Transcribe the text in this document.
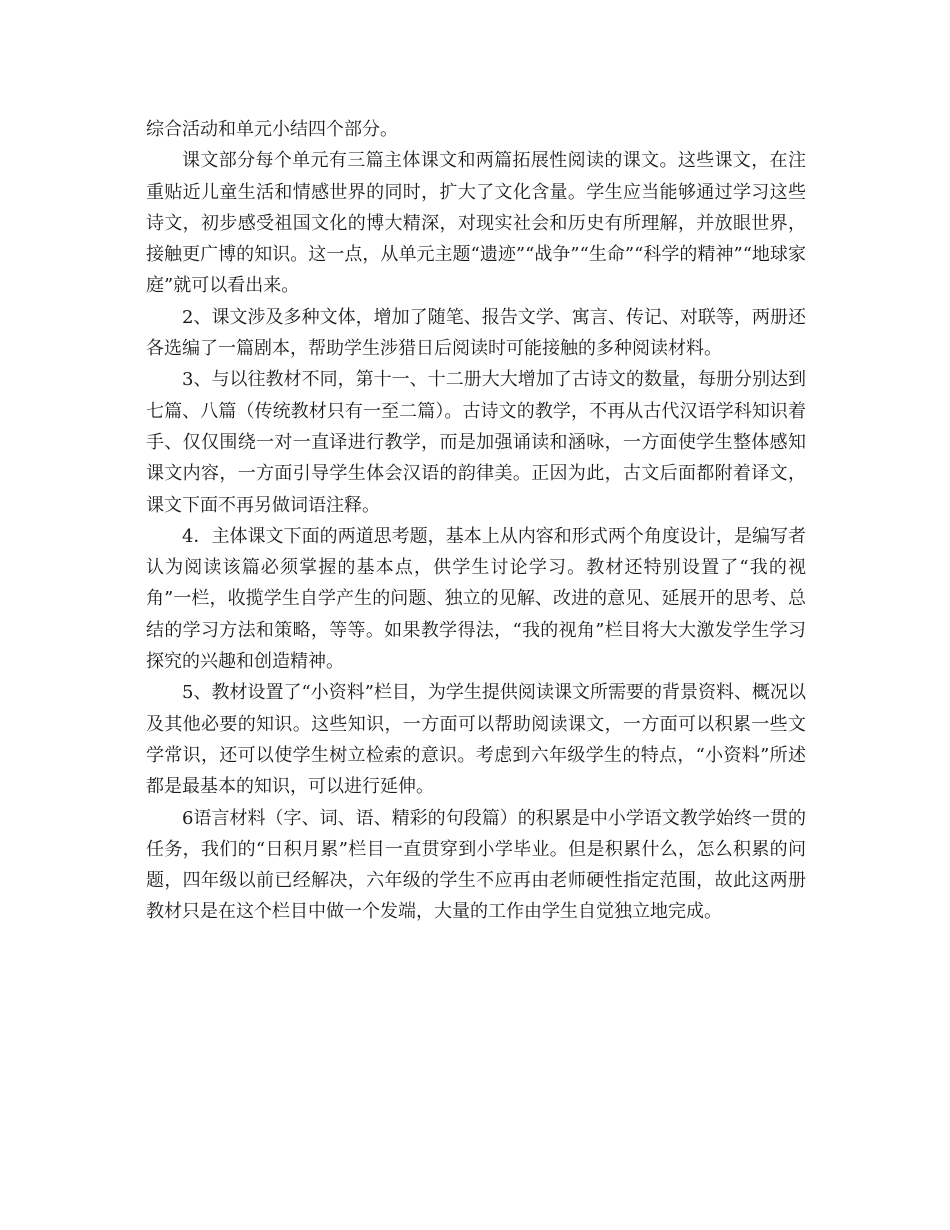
综合活动和单元小结四个部分。

课文部分每个单元有三篇主体课文和两篇拓展性阅读的课文。这些课文，在注重贴近儿童生活和情感世界的同时，扩大了文化含量。学生应当能够通过学习这些诗文，初步感受祖国文化的博大精深，对现实社会和历史有所理解，并放眼世界，接触更广博的知识。这一点，从单元主题“遗迹”“战争”“生命”“科学的精神”“地球家庭”就可以看出来。

2、课文涉及多种文体，增加了随笔、报告文学、寓言、传记、对联等，两册还各选编了一篇剧本，帮助学生涉猎日后阅读时可能接触的多种阅读材料。

3、与以往教材不同，第十一、十二册大大增加了古诗文的数量，每册分别达到七篇、八篇（传统教材只有一至二篇）。古诗文的教学，不再从古代汉语学科知识着手、仅仅围绕一对一直译进行教学，而是加强诵读和涵咏，一方面使学生整体感知课文内容，一方面引导学生体会汉语的韵律美。正因为此，古文后面都附着译文，课文下面不再另做词语注释。

4．主体课文下面的两道思考题，基本上从内容和形式两个角度设计，是编写者认为阅读该篇必须掌握的基本点，供学生讨论学习。教材还特别设置了“我的视角”一栏，收揽学生自学产生的问题、独立的见解、改进的意见、延展开的思考、总结的学习方法和策略，等等。如果教学得法，“我的视角”栏目将大大激发学生学习探究的兴趣和创造精神。

5、教材设置了“小资料”栏目，为学生提供阅读课文所需要的背景资料、概况以及其他必要的知识。这些知识，一方面可以帮助阅读课文，一方面可以积累一些文学常识，还可以使学生树立检索的意识。考虑到六年级学生的特点，“小资料”所述都是最基本的知识，可以进行延伸。

6语言材料（字、词、语、精彩的句段篇）的积累是中小学语文教学始终一贯的任务，我们的“日积月累”栏目一直贯穿到小学毕业。但是积累什么，怎么积累的问题，四年级以前已经解决，六年级的学生不应再由老师硬性指定范围，故此这两册教材只是在这个栏目中做一个发端，大量的工作由学生自觉独立地完成。
